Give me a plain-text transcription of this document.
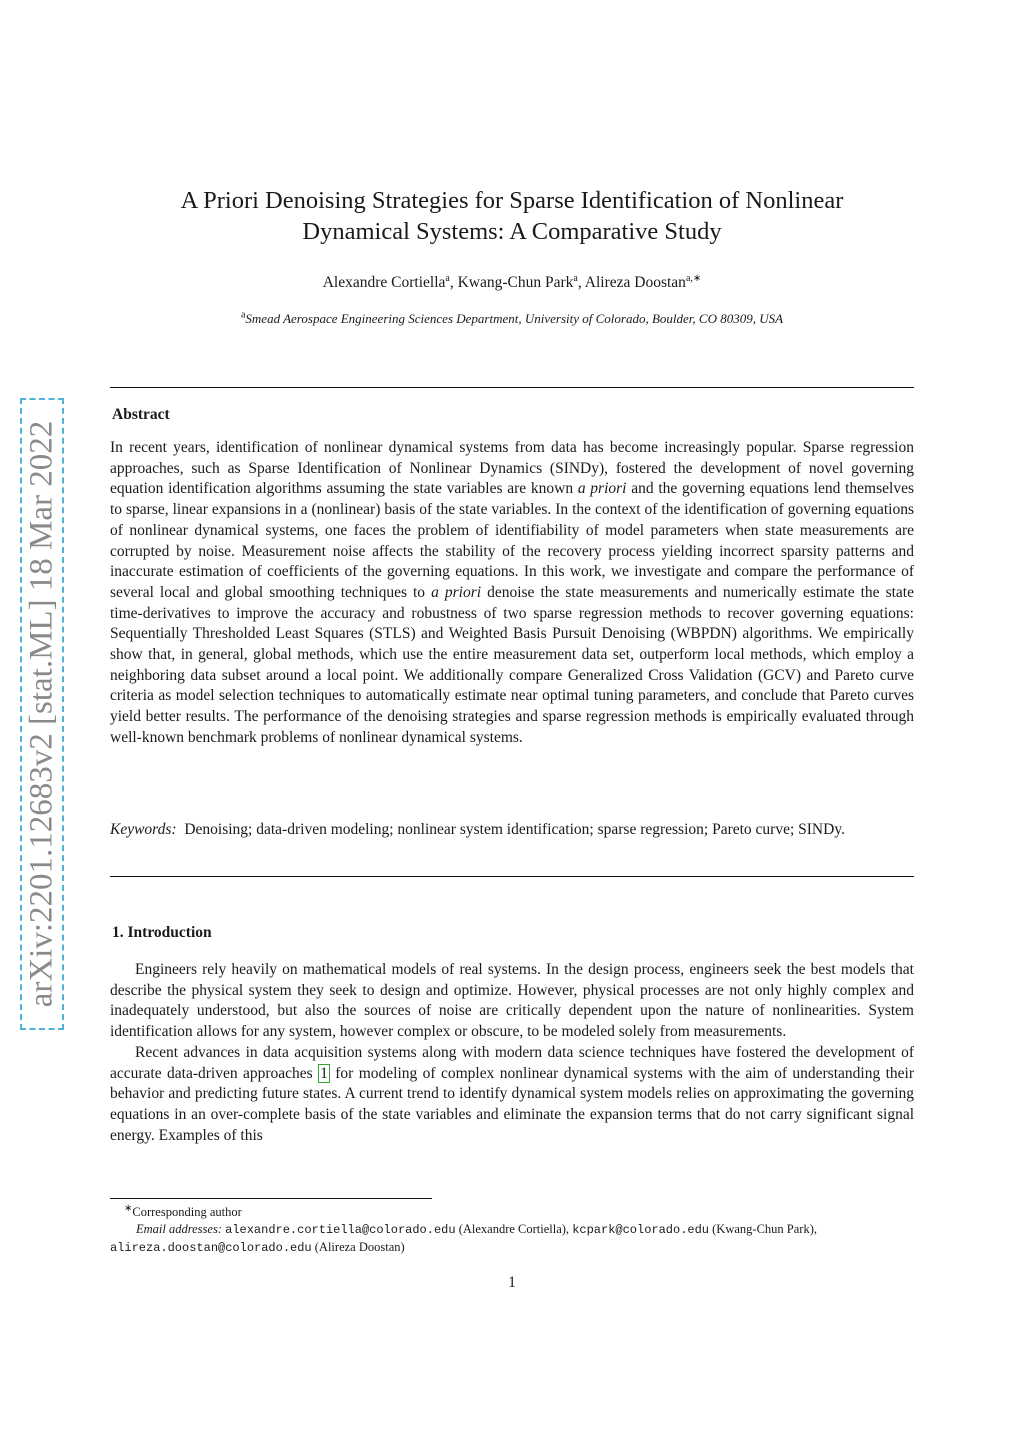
arXiv:2201.12683v2 [stat.ML] 18 Mar 2022
A Priori Denoising Strategies for Sparse Identification of Nonlinear
Dynamical Systems: A Comparative Study
Alexandre Cortiella$^a$, Kwang-Chun Park$^a$, Alireza Doostan$^{a,∗}$
$^a$Smead Aerospace Engineering Sciences Department, University of Colorado, Boulder, CO 80309, USA
Abstract
In recent years, identification of nonlinear dynamical systems from data has become increasingly popular. Sparse regression approaches, such as Sparse Identification of Nonlinear Dynamics (SINDy), fostered the development of novel governing equation identification algorithms assuming the state variables are known a priori and the governing equations lend themselves to sparse, linear expansions in a (nonlinear) basis of the state variables. In the context of the identification of governing equations of nonlinear dynamical systems, one faces the problem of identifiability of model parameters when state measurements are corrupted by noise. Measurement noise affects the stability of the recovery process yielding incorrect sparsity patterns and inaccurate estimation of coefficients of the governing equations. In this work, we investigate and compare the performance of several local and global smoothing techniques to a priori denoise the state measurements and numerically estimate the state time-derivatives to improve the accuracy and robustness of two sparse regression methods to recover governing equations: Sequentially Thresholded Least Squares (STLS) and Weighted Basis Pursuit Denoising (WBPDN) algorithms. We empirically show that, in general, global methods, which use the entire measurement data set, outperform local methods, which employ a neighboring data subset around a local point. We additionally compare Generalized Cross Validation (GCV) and Pareto curve criteria as model selection techniques to automatically estimate near optimal tuning parameters, and conclude that Pareto curves yield better results. The performance of the denoising strategies and sparse regression methods is empirically evaluated through well-known benchmark problems of nonlinear dynamical systems.
Keywords: Denoising; data-driven modeling; nonlinear system identification; sparse regression; Pareto curve; SINDy.
1. Introduction

Engineers rely heavily on mathematical models of real systems. In the design process, engineers seek the best models that describe the physical system they seek to design and optimize. However, physical processes are not only highly complex and inadequately understood, but also the sources of noise are critically dependent upon the nature of nonlinearities. System identification allows for any system, however complex or obscure, to be modeled solely from measurements.

Recent advances in data acquisition systems along with modern data science techniques have fostered the development of accurate data-driven approaches 1 for modeling of complex nonlinear dynamical systems with the aim of understanding their behavior and predicting future states. A current trend to identify dynamical system models relies on approximating the governing equations in an over-complete basis of the state variables and eliminate the expansion terms that do not carry significant signal energy. Examples of this

∗Corresponding author
Email addresses: alexandre.cortiella@colorado.edu (Alexandre Cortiella), kcpark@colorado.edu (Kwang-Chun Park),
alireza.doostan@colorado.edu (Alireza Doostan)
1
